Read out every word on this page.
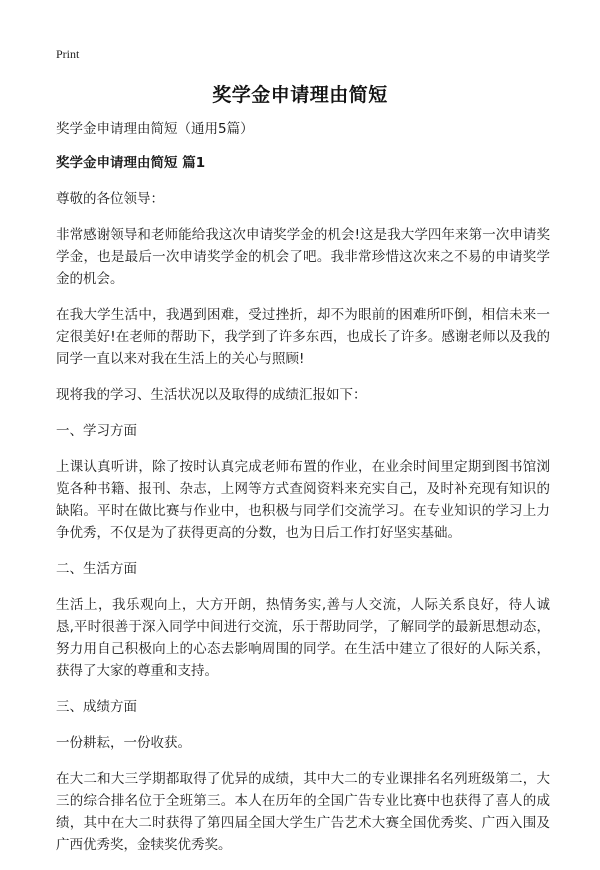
Print
奖学金申请理由简短

奖学金申请理由简短（通用5篇）

奖学金申请理由简短 篇1

尊敬的各位领导：

非常感谢领导和老师能给我这次申请奖学金的机会!这是我大学四年来第一次申请奖学金，也是最后一次申请奖学金的机会了吧。我非常珍惜这次来之不易的申请奖学金的机会。

在我大学生活中，我遇到困难，受过挫折，却不为眼前的困难所吓倒，相信未来一定很美好!在老师的帮助下，我学到了许多东西，也成长了许多。感谢老师以及我的同学一直以来对我在生活上的关心与照顾!

现将我的学习、生活状况以及取得的成绩汇报如下：

一、学习方面

上课认真听讲，除了按时认真完成老师布置的作业，在业余时间里定期到图书馆浏览各种书籍、报刊、杂志，上网等方式查阅资料来充实自己，及时补充现有知识的缺陷。平时在做比赛与作业中，也积极与同学们交流学习。在专业知识的学习上力争优秀，不仅是为了获得更高的分数，也为日后工作打好坚实基础。

二、生活方面

生活上，我乐观向上，大方开朗，热情务实,善与人交流，人际关系良好，待人诚恳,平时很善于深入同学中间进行交流，乐于帮助同学，了解同学的最新思想动态，努力用自己积极向上的心态去影响周围的同学。在生活中建立了很好的人际关系，获得了大家的尊重和支持。

三、成绩方面

一份耕耘，一份收获。

在大二和大三学期都取得了优异的成绩，其中大二的专业课排名名列班级第二，大三的综合排名位于全班第三。本人在历年的全国广告专业比赛中也获得了喜人的成绩，其中在大二时获得了第四届全国大学生广告艺术大赛全国优秀奖、广西入围及广西优秀奖，金犊奖优秀奖。
